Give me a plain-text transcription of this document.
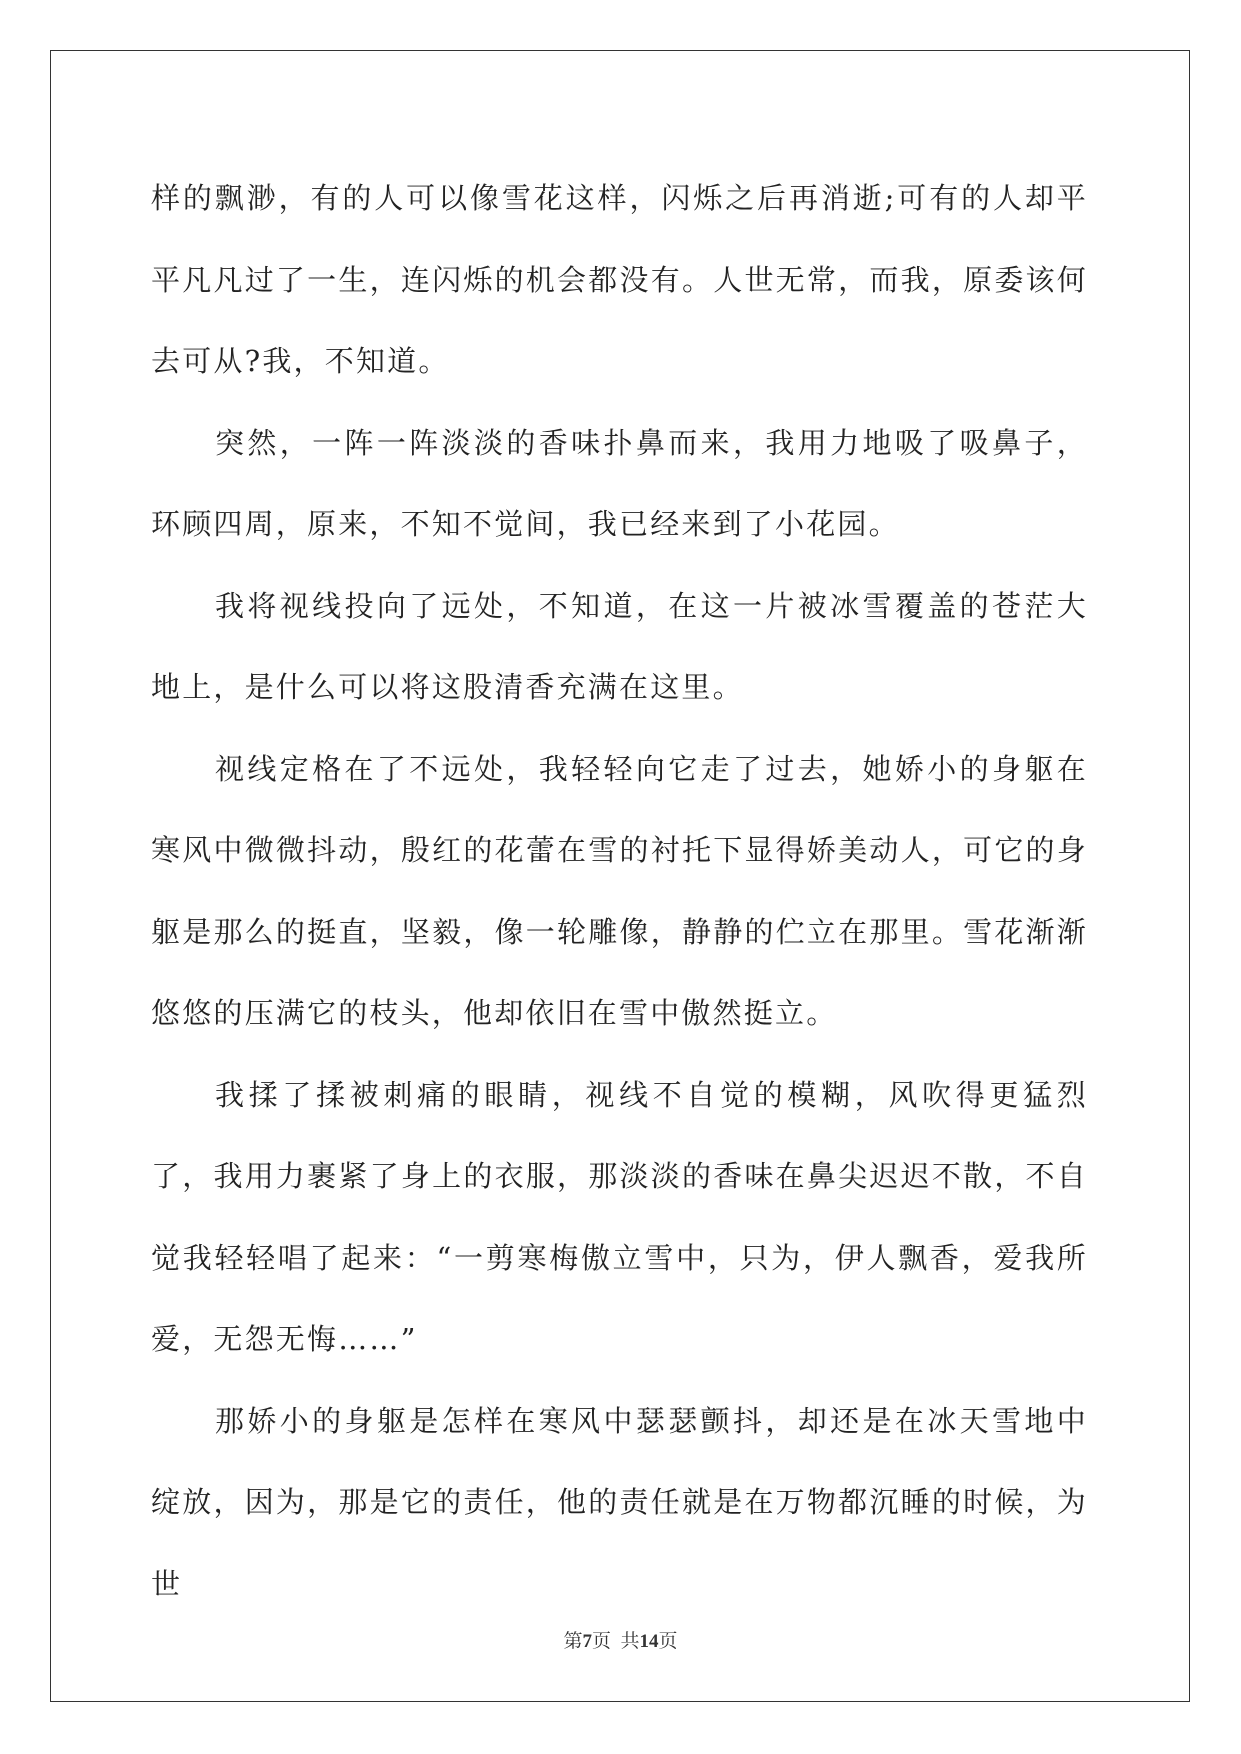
样的飘渺，有的人可以像雪花这样，闪烁之后再消逝;可有的人却平平凡凡过了一生，连闪烁的机会都没有。人世无常，而我，原委该何去可从?我，不知道。

突然，一阵一阵淡淡的香味扑鼻而来，我用力地吸了吸鼻子，环顾四周，原来，不知不觉间，我已经来到了小花园。

我将视线投向了远处，不知道，在这一片被冰雪覆盖的苍茫大地上，是什么可以将这股清香充满在这里。

视线定格在了不远处，我轻轻向它走了过去，她娇小的身躯在寒风中微微抖动，殷红的花蕾在雪的衬托下显得娇美动人，可它的身躯是那么的挺直，坚毅，像一轮雕像，静静的伫立在那里。雪花渐渐悠悠的压满它的枝头，他却依旧在雪中傲然挺立。

我揉了揉被刺痛的眼睛，视线不自觉的模糊，风吹得更猛烈了，我用力裹紧了身上的衣服，那淡淡的香味在鼻尖迟迟不散，不自觉我轻轻唱了起来：“一剪寒梅傲立雪中，只为，伊人飘香，爱我所爱，无怨无悔……”

那娇小的身躯是怎样在寒风中瑟瑟颤抖，却还是在冰天雪地中绽放，因为，那是它的责任，他的责任就是在万物都沉睡的时候，为世

第7页  共14页
